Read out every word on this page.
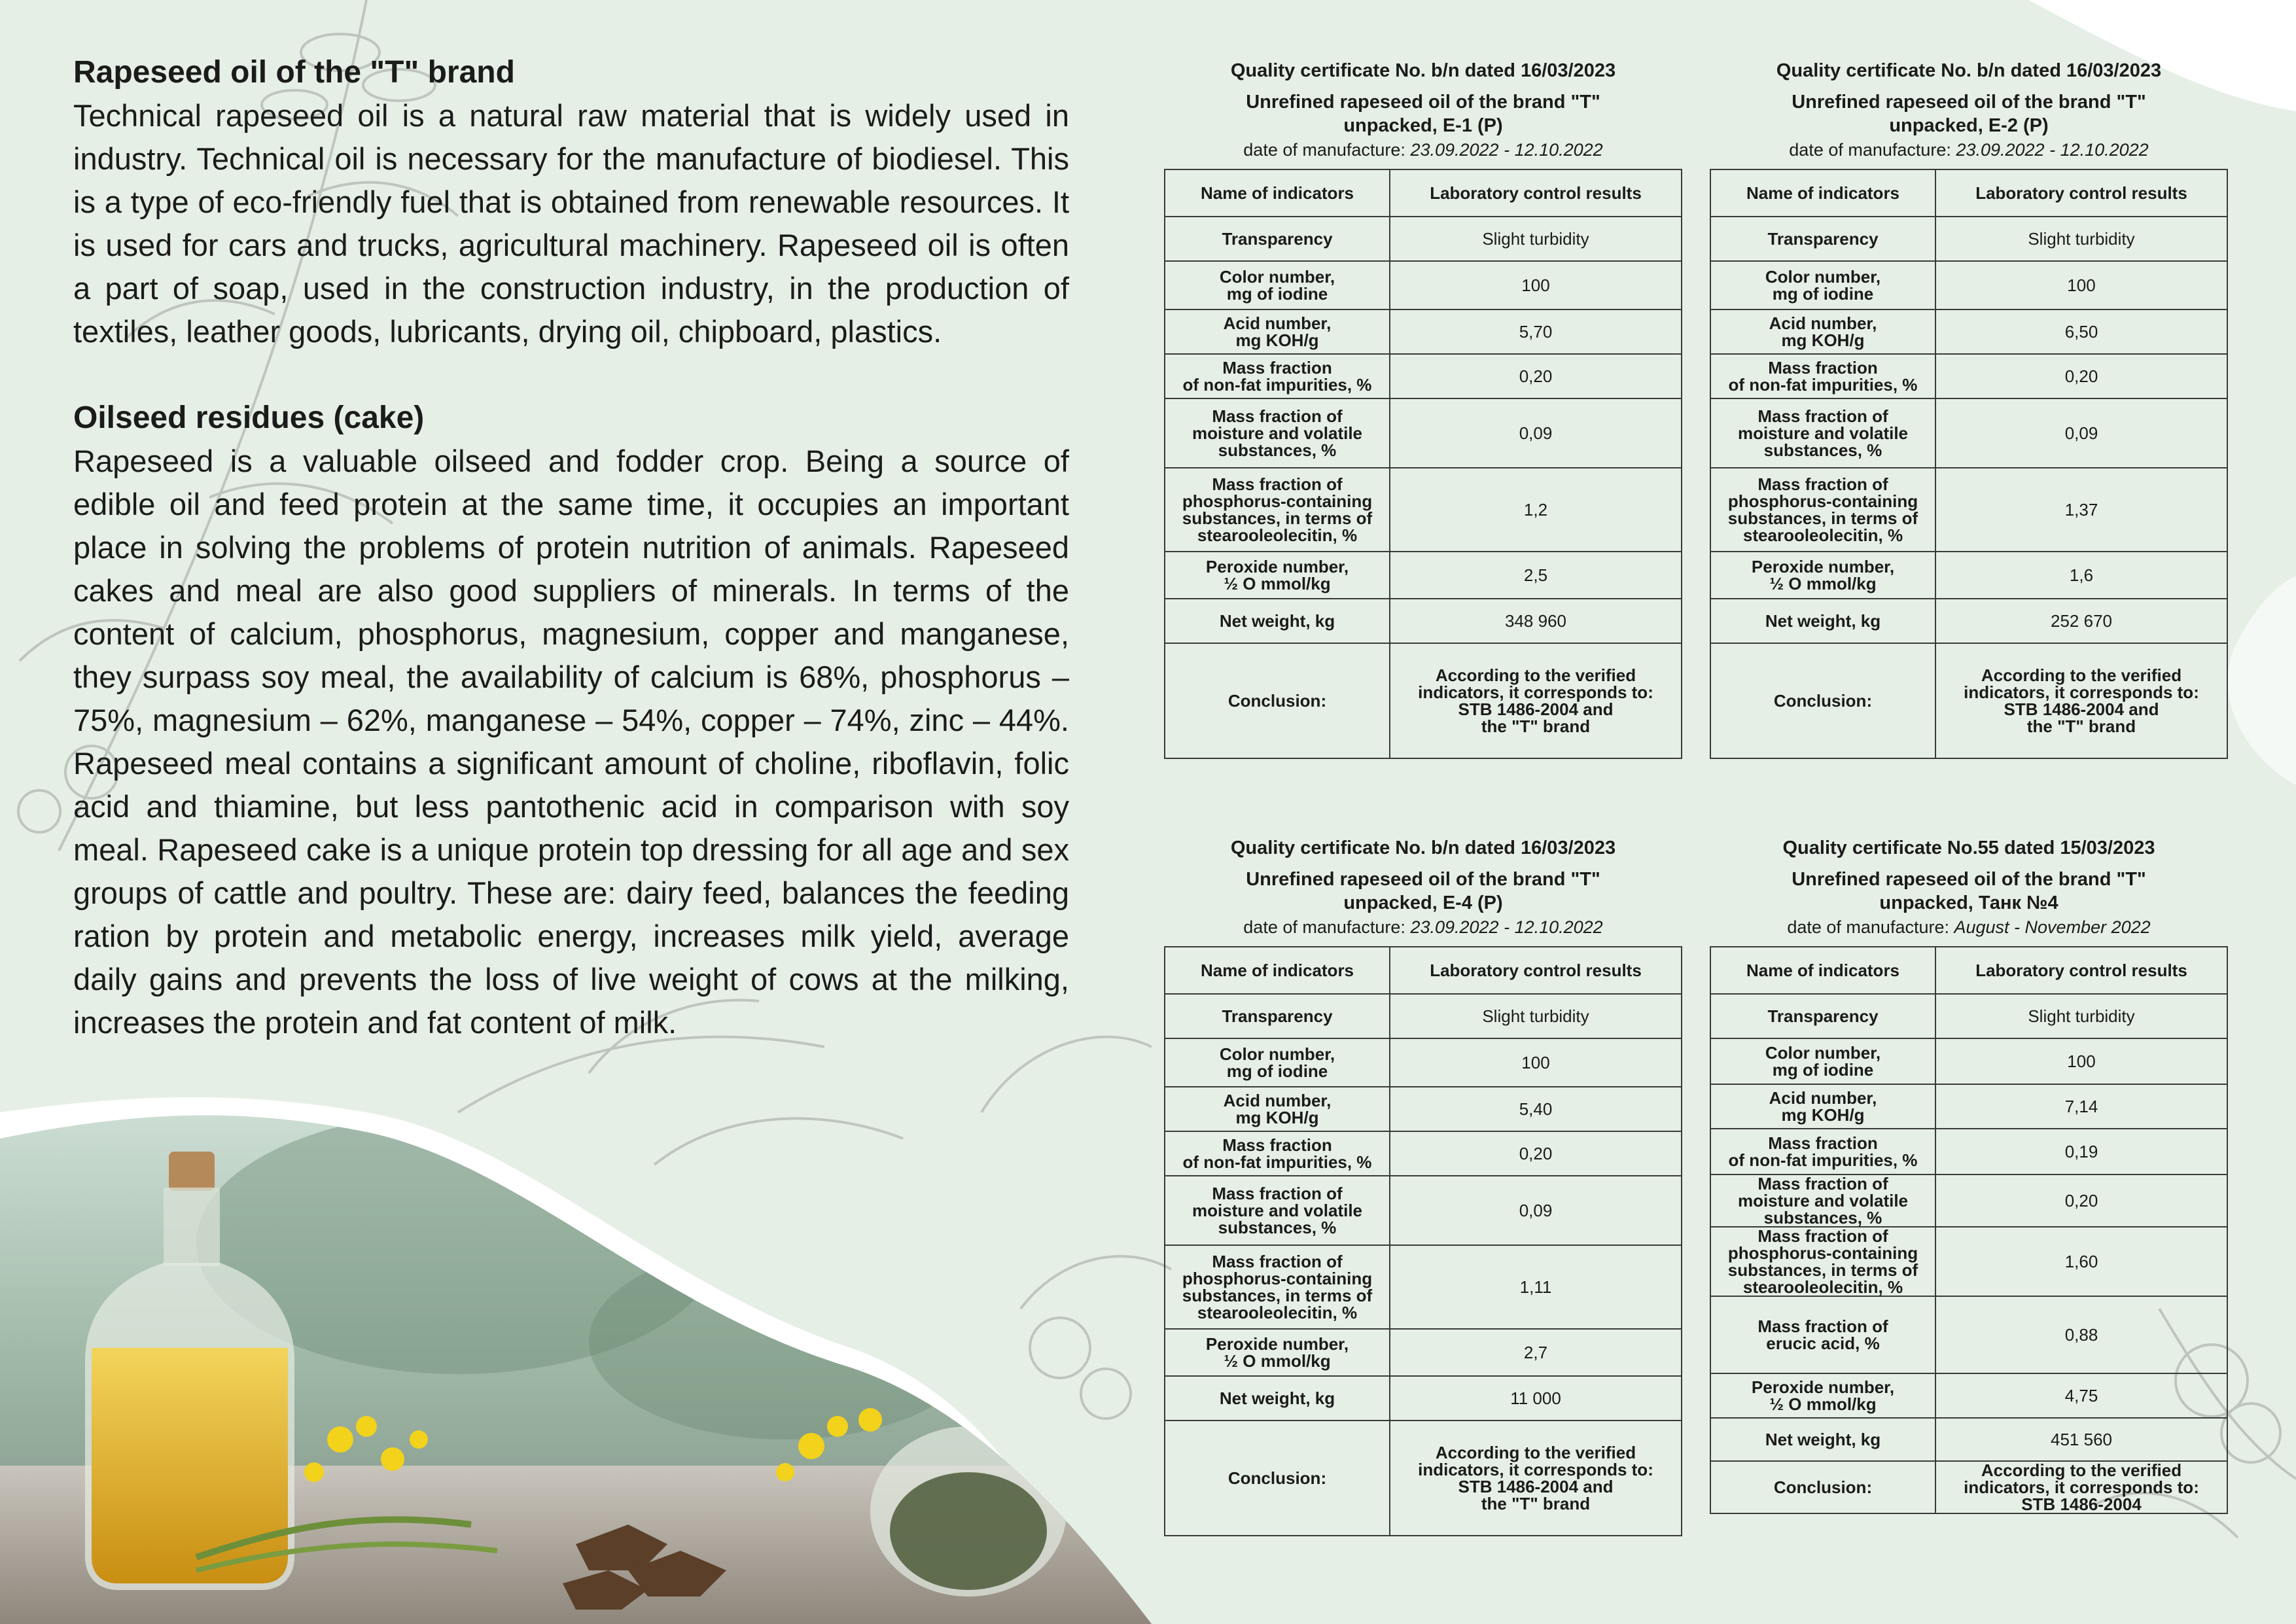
Rapeseed oil of the "T" brand

Technical rapeseed oil is a natural raw material that is widely used in industry. Technical oil is necessary for the manufacture of biodiesel. This is a type of eco-friendly fuel that is obtained from renewable resources. It is used for cars and trucks, agricultural machinery. Rapeseed oil is often a part of soap, used in the construction industry, in the production of textiles, leather goods, lubricants, drying oil, chipboard, plastics.

Oilseed residues (cake)

Rapeseed is a valuable oilseed and fodder crop. Being a source of edible oil and feed protein at the same time, it occupies an important place in solving the problems of protein nutrition of animals. Rapeseed cakes and meal are also good suppliers of minerals. In terms of the content of calcium, phosphorus, magnesium, copper and manganese, they surpass soy meal, the availability of calcium is 68%, phosphorus – 75%, magnesium – 62%, manganese – 54%, copper – 74%, zinc – 44%. Rapeseed meal contains a significant amount of choline, riboflavin, folic acid and thiamine, but less pantothenic acid in comparison with soy meal. Rapeseed cake is a unique protein top dressing for all age and sex groups of cattle and poultry. These are: dairy feed, balances the feeding ration by protein and metabolic energy, increases milk yield, average daily gains and prevents the loss of live weight of cows at the milking, increases the protein and fat content of milk.

Quality certificate No. b/n dated 16/03/2023
Unrefined rapeseed oil of the brand "T"
unpacked, E-1 (P)
date of manufacture: 23.09.2022 - 12.10.2022
Name of indicators	Laboratory control results
Transparency	Slight turbidity
Color number,
mg of iodine	100
Acid number,
mg KOH/g	5,70
Mass fraction
of non-fat impurities, %	0,20
Mass fraction of
moisture and volatile
substances, %	0,09
Mass fraction of
phosphorus-containing
substances, in terms of
stearooleolecitin, %	1,2
Peroxide number,
½ O mmol/kg	2,5
Net weight, kg	348 960
Conclusion:	According to the verified
indicators, it corresponds to:
STB 1486-2004 and
the "T" brand
Quality certificate No. b/n dated 16/03/2023
Unrefined rapeseed oil of the brand "T"
unpacked, E-2 (P)
date of manufacture: 23.09.2022 - 12.10.2022
Name of indicators	Laboratory control results
Transparency	Slight turbidity
Color number,
mg of iodine	100
Acid number,
mg KOH/g	6,50
Mass fraction
of non-fat impurities, %	0,20
Mass fraction of
moisture and volatile
substances, %	0,09
Mass fraction of
phosphorus-containing
substances, in terms of
stearooleolecitin, %	1,37
Peroxide number,
½ O mmol/kg	1,6
Net weight, kg	252 670
Conclusion:	According to the verified
indicators, it corresponds to:
STB 1486-2004 and
the "T" brand
Quality certificate No. b/n dated 16/03/2023
Unrefined rapeseed oil of the brand "T"
unpacked, E-4 (P)
date of manufacture: 23.09.2022 - 12.10.2022
Name of indicators	Laboratory control results
Transparency	Slight turbidity
Color number,
mg of iodine	100
Acid number,
mg KOH/g	5,40
Mass fraction
of non-fat impurities, %	0,20
Mass fraction of
moisture and volatile
substances, %	0,09
Mass fraction of
phosphorus-containing
substances, in terms of
stearooleolecitin, %	1,11
Peroxide number,
½ O mmol/kg	2,7
Net weight, kg	11 000
Conclusion:	According to the verified
indicators, it corresponds to:
STB 1486-2004 and
the "T" brand
Quality certificate No.55 dated 15/03/2023
Unrefined rapeseed oil of the brand "T"
unpacked, Танк №4
date of manufacture: August - November 2022
Name of indicators	Laboratory control results
Transparency	Slight turbidity
Color number,
mg of iodine	100
Acid number,
mg KOH/g	7,14
Mass fraction
of non-fat impurities, %	0,19
Mass fraction of
moisture and volatile
substances, %	0,20
Mass fraction of
phosphorus-containing
substances, in terms of
stearooleolecitin, %	1,60
Mass fraction of
erucic acid, %	0,88
Peroxide number,
½ O mmol/kg	4,75
Net weight, kg	451 560
Conclusion:	According to the verified
indicators, it corresponds to:
STB 1486-2004
